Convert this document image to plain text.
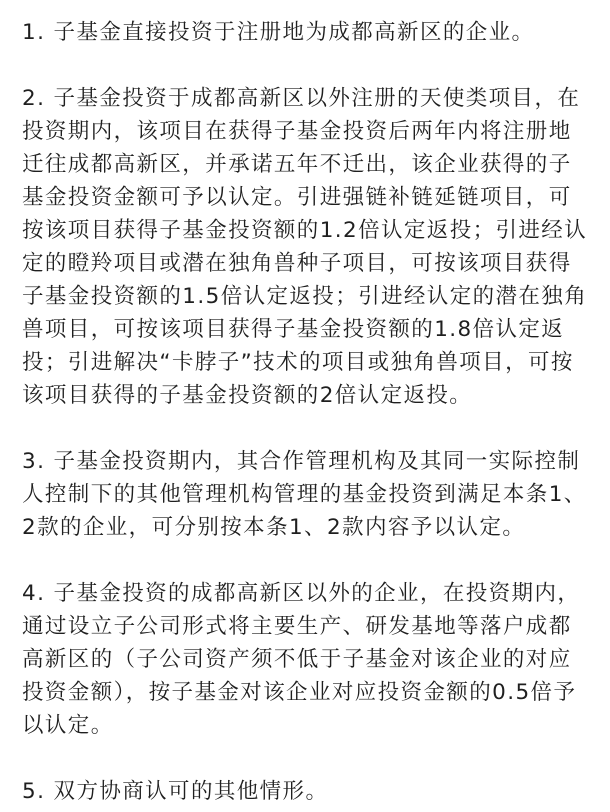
1. 子基金直接投资于注册地为成都高新区的企业。

2. 子基金投资于成都高新区以外注册的天使类项目，在投资期内，该项目在获得子基金投资后两年内将注册地迁往成都高新区，并承诺五年不迁出，该企业获得的子基金投资金额可予以认定。引进强链补链延链项目，可按该项目获得子基金投资额的1.2倍认定返投；引进经认定的瞪羚项目或潜在独角兽种子项目，可按该项目获得子基金投资额的1.5倍认定返投；引进经认定的潜在独角兽项目，可按该项目获得子基金投资额的1.8倍认定返投；引进解决“卡脖子”技术的项目或独角兽项目，可按该项目获得的子基金投资额的2倍认定返投。

3. 子基金投资期内，其合作管理机构及其同一实际控制人控制下的其他管理机构管理的基金投资到满足本条1、2款的企业，可分别按本条1、2款内容予以认定。

4. 子基金投资的成都高新区以外的企业，在投资期内，通过设立子公司形式将主要生产、研发基地等落户成都高新区的（子公司资产须不低于子基金对该企业的对应投资金额），按子基金对该企业对应投资金额的0.5倍予以认定。

5. 双方协商认可的其他情形。
